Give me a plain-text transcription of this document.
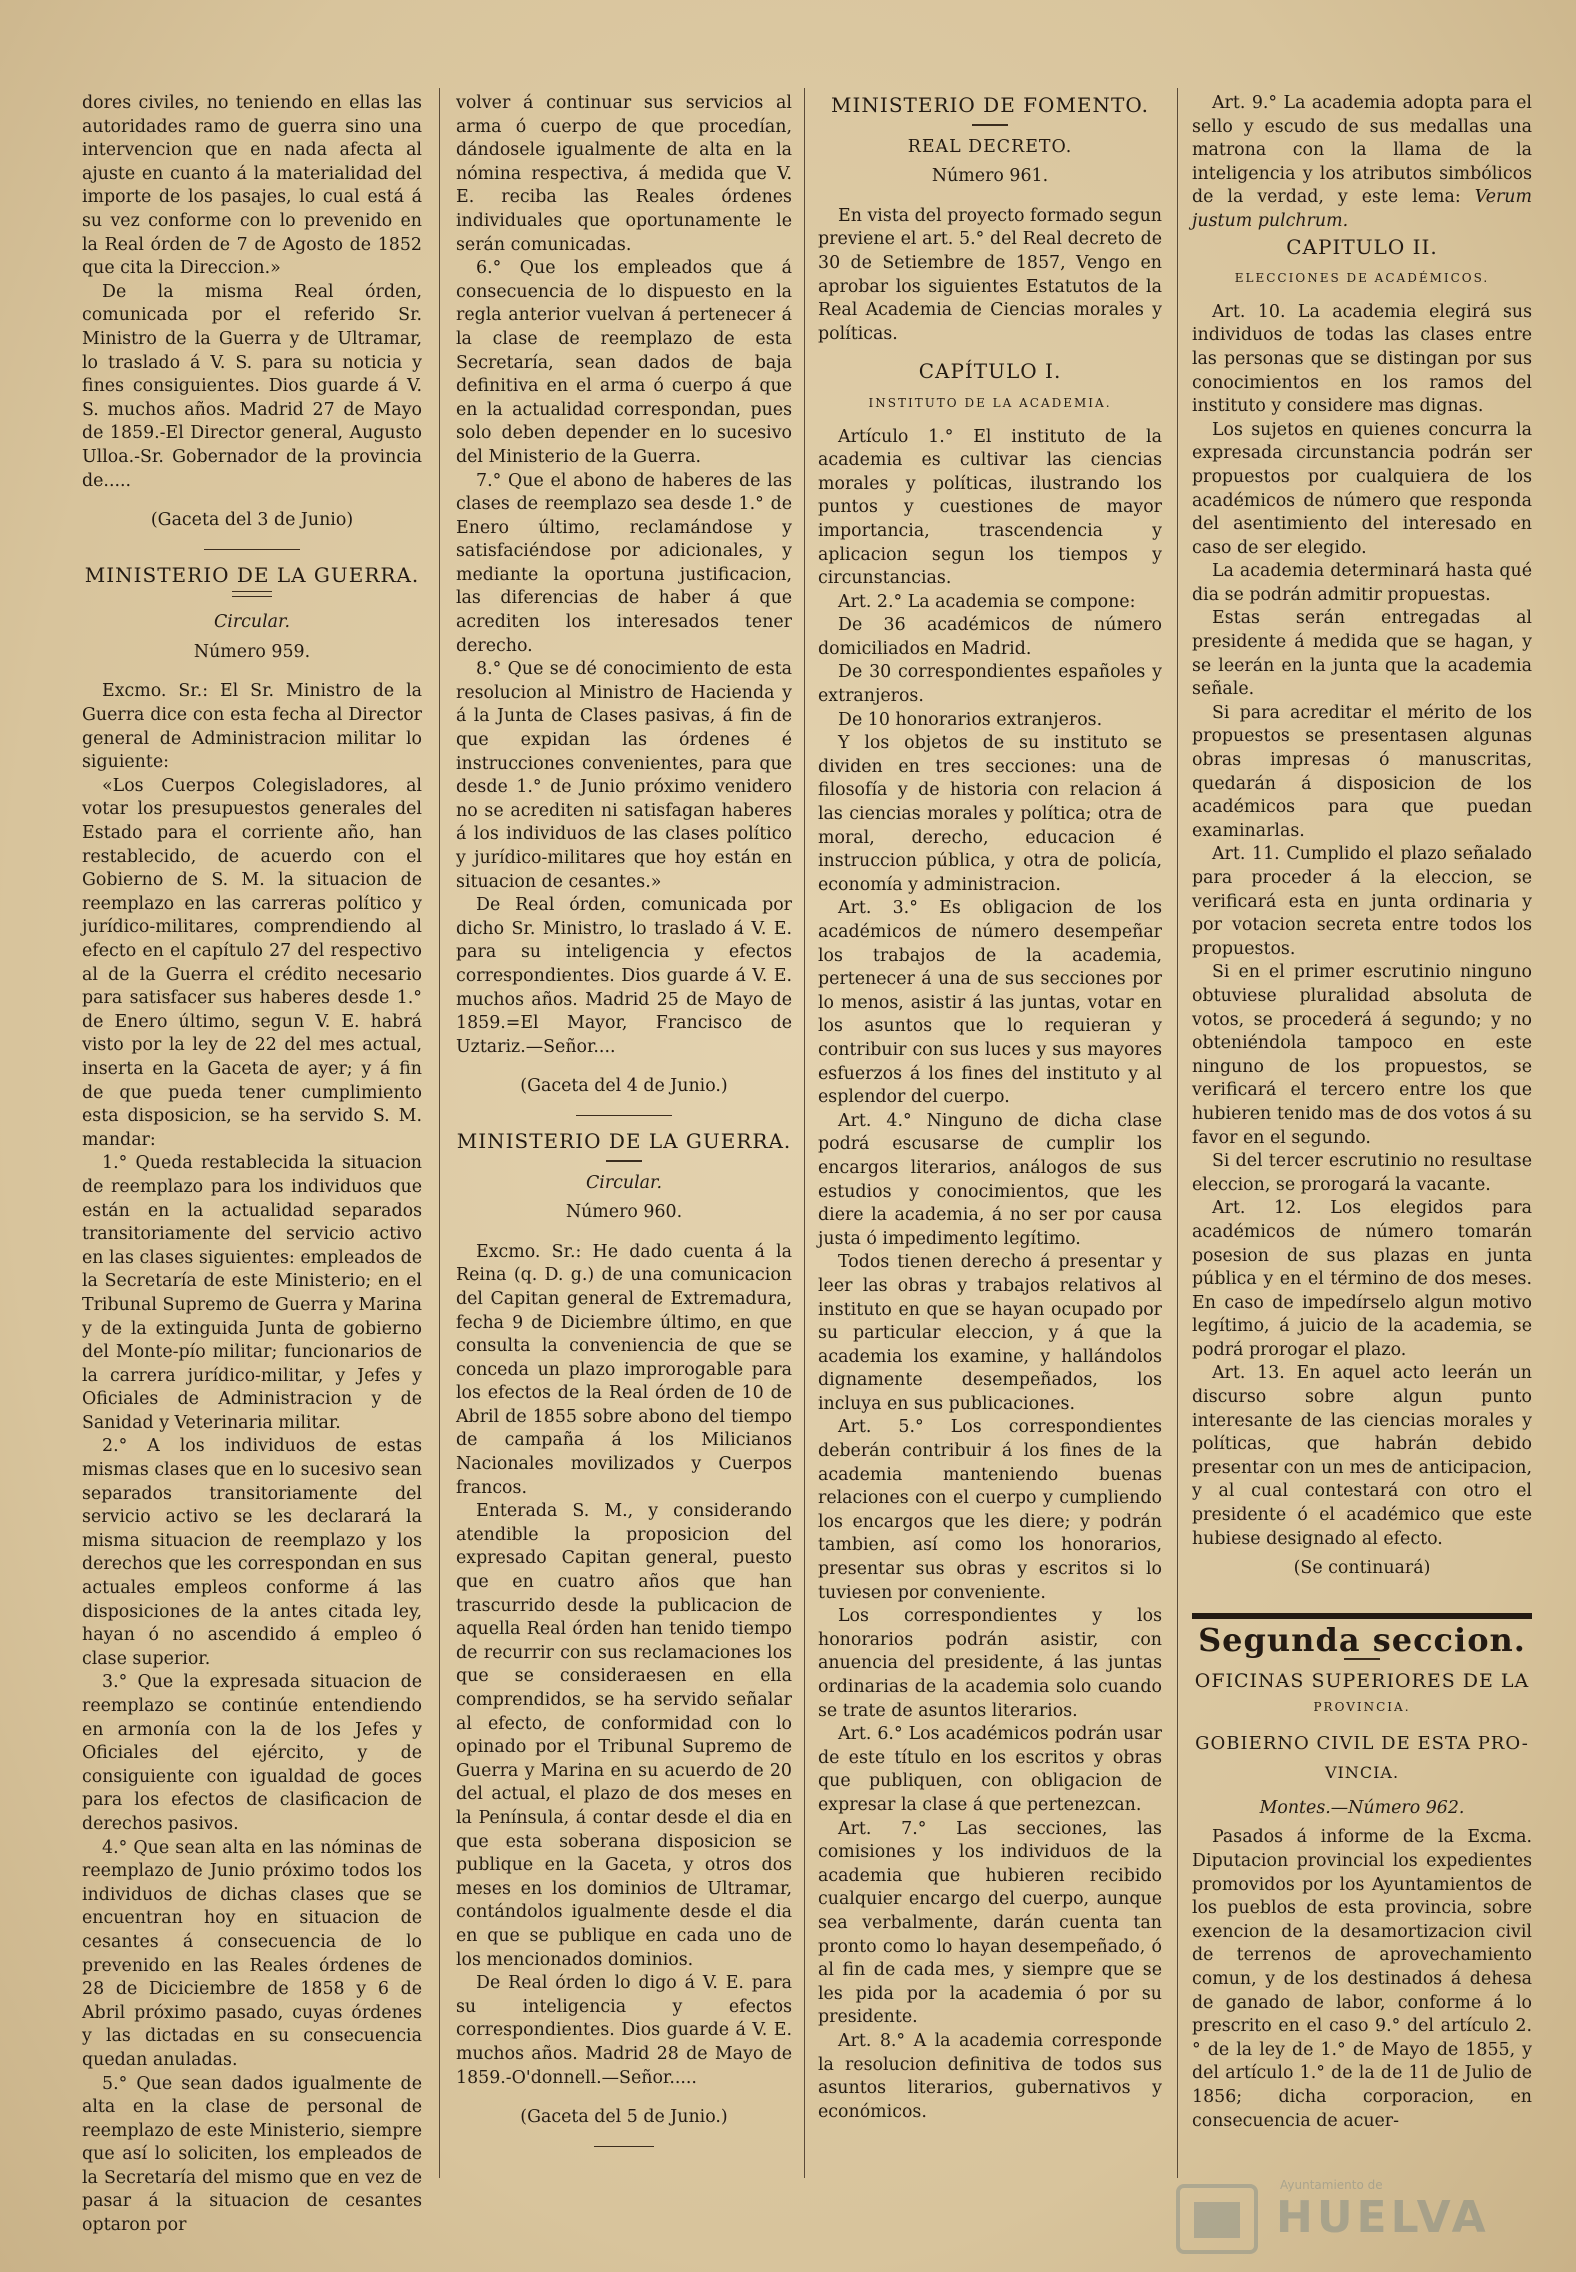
dores civiles, no teniendo en ellas las autoridades ramo de guerra sino una intervencion que en nada afecta al ajuste en cuanto á la materialidad del importe de los pasajes, lo cual está á su vez conforme con lo prevenido en la Real órden de 7 de Agosto de 1852 que cita la Direccion.»

De la misma Real órden, comunicada por el referido Sr. Ministro de la Guerra y de Ultramar, lo traslado á V. S. para su noticia y fines consiguientes. Dios guarde á V. S. muchos años. Madrid 27 de Mayo de 1859.-El Director general, Augusto Ulloa.-Sr. Gobernador de la provincia de.....

(Gaceta del 3 de Junio)

MINISTERIO DE LA GUERRA.

Circular.

Número 959.

Excmo. Sr.: El Sr. Ministro de la Guerra dice con esta fecha al Director general de Administracion militar lo siguiente:

«Los Cuerpos Colegisladores, al votar los presupuestos generales del Estado para el corriente año, han restablecido, de acuerdo con el Gobierno de S. M. la situacion de reemplazo en las carreras político y jurídico-militares, comprendiendo al efecto en el capítulo 27 del respectivo al de la Guerra el crédito necesario para satisfacer sus haberes desde 1.° de Enero último, segun V. E. habrá visto por la ley de 22 del mes actual, inserta en la Gaceta de ayer; y á fin de que pueda tener cumplimiento esta disposicion, se ha servido S. M. mandar:

1.° Queda restablecida la situacion de reemplazo para los individuos que están en la actualidad separados transitoriamente del servicio activo en las clases siguientes: empleados de la Secretaría de este Ministerio; en el Tribunal Supremo de Guerra y Marina y de la extinguida Junta de gobierno del Monte-pío militar; funcionarios de la carrera jurídico-militar, y Jefes y Oficiales de Administracion y de Sanidad y Veterinaria militar.

2.° A los individuos de estas mismas clases que en lo sucesivo sean separados transitoriamente del servicio activo se les declarará la misma situacion de reemplazo y los derechos que les correspondan en sus actuales empleos conforme á las disposiciones de la antes citada ley, hayan ó no ascendido á empleo ó clase superior.

3.° Que la expresada situacion de reemplazo se continúe entendiendo en armonía con la de los Jefes y Oficiales del ejército, y de consiguiente con igualdad de goces para los efectos de clasificacion de derechos pasivos.

4.° Que sean alta en las nóminas de reemplazo de Junio próximo todos los individuos de dichas clases que se encuentran hoy en situacion de cesantes á consecuencia de lo prevenido en las Reales órdenes de 28 de Diciciembre de 1858 y 6 de Abril próximo pasado, cuyas órdenes y las dictadas en su consecuencia quedan anuladas.

5.° Que sean dados igualmente de alta en la clase de personal de reemplazo de este Ministerio, siempre que así lo soliciten, los empleados de la Secretaría del mismo que en vez de pasar á la situacion de cesantes optaron por

volver á continuar sus servicios al arma ó cuerpo de que procedían, dándosele igualmente de alta en la nómina respectiva, á medida que V. E. reciba las Reales órdenes individuales que oportunamente le serán comunicadas.

6.° Que los empleados que á consecuencia de lo dispuesto en la regla anterior vuelvan á pertenecer á la clase de reemplazo de esta Secretaría, sean dados de baja definitiva en el arma ó cuerpo á que en la actualidad correspondan, pues solo deben depender en lo sucesivo del Ministerio de la Guerra.

7.° Que el abono de haberes de las clases de reemplazo sea desde 1.° de Enero último, reclamándose y satisfaciéndose por adicionales, y mediante la oportuna justificacion, las diferencias de haber á que acrediten los interesados tener derecho.

8.° Que se dé conocimiento de esta resolucion al Ministro de Hacienda y á la Junta de Clases pasivas, á fin de que expidan las órdenes é instrucciones convenientes, para que desde 1.° de Junio próximo venidero no se acrediten ni satisfagan haberes á los individuos de las clases político y jurídico-militares que hoy están en situacion de cesantes.»

De Real órden, comunicada por dicho Sr. Ministro, lo traslado á V. E. para su inteligencia y efectos correspondientes. Dios guarde á V. E. muchos años. Madrid 25 de Mayo de 1859.=El Mayor, Francisco de Uztariz.—Señor....

(Gaceta del 4 de Junio.)

MINISTERIO DE LA GUERRA.

Circular.

Número 960.

Excmo. Sr.: He dado cuenta á la Reina (q. D. g.) de una comunicacion del Capitan general de Extremadura, fecha 9 de Diciembre último, en que consulta la conveniencia de que se conceda un plazo improrogable para los efectos de la Real órden de 10 de Abril de 1855 sobre abono del tiempo de campaña á los Milicianos Nacionales movilizados y Cuerpos francos.

Enterada S. M., y considerando atendible la proposicion del expresado Capitan general, puesto que en cuatro años que han trascurrido desde la publicacion de aquella Real órden han tenido tiempo de recurrir con sus reclamaciones los que se consideraesen en ella comprendidos, se ha servido señalar al efecto, de conformidad con lo opinado por el Tribunal Supremo de Guerra y Marina en su acuerdo de 20 del actual, el plazo de dos meses en la Península, á contar desde el dia en que esta soberana disposicion se publique en la Gaceta, y otros dos meses en los dominios de Ultramar, contándolos igualmente desde el dia en que se publique en cada uno de los mencionados dominios.

De Real órden lo digo á V. E. para su inteligencia y efectos correspondientes. Dios guarde á V. E. muchos años. Madrid 28 de Mayo de 1859.-O'donnell.—Señor.....

(Gaceta del 5 de Junio.)

MINISTERIO DE FOMENTO.

REAL DECRETO.

Número 961.

En vista del proyecto formado segun previene el art. 5.° del Real decreto de 30 de Setiembre de 1857, Vengo en aprobar los siguientes Estatutos de la Real Academia de Ciencias morales y políticas.

CAPÍTULO I.

INSTITUTO DE LA ACADEMIA.

Artículo 1.° El instituto de la academia es cultivar las ciencias morales y políticas, ilustrando los puntos y cuestiones de mayor importancia, trascendencia y aplicacion segun los tiempos y circunstancias.

Art. 2.° La academia se compone:

De 36 académicos de número domiciliados en Madrid.

De 30 correspondientes españoles y extranjeros.

De 10 honorarios extranjeros.

Y los objetos de su instituto se dividen en tres secciones: una de filosofía y de historia con relacion á las ciencias morales y política; otra de moral, derecho, educacion é instruccion pública, y otra de policía, economía y administracion.

Art. 3.° Es obligacion de los académicos de número desempeñar los trabajos de la academia, pertenecer á una de sus secciones por lo menos, asistir á las juntas, votar en los asuntos que lo requieran y contribuir con sus luces y sus mayores esfuerzos á los fines del instituto y al esplendor del cuerpo.

Art. 4.° Ninguno de dicha clase podrá escusarse de cumplir los encargos literarios, análogos de sus estudios y conocimientos, que les diere la academia, á no ser por causa justa ó impedimento legítimo.

Todos tienen derecho á presentar y leer las obras y trabajos relativos al instituto en que se hayan ocupado por su particular eleccion, y á que la academia los examine, y hallándolos dignamente desempeñados, los incluya en sus publicaciones.

Art. 5.° Los correspondientes deberán contribuir á los fines de la academia manteniendo buenas relaciones con el cuerpo y cumpliendo los encargos que les diere; y podrán tambien, así como los honorarios, presentar sus obras y escritos si lo tuviesen por conveniente.

Los correspondientes y los honorarios podrán asistir, con anuencia del presidente, á las juntas ordinarias de la academia solo cuando se trate de asuntos literarios.

Art. 6.° Los académicos podrán usar de este título en los escritos y obras que publiquen, con obligacion de expresar la clase á que pertenezcan.

Art. 7.° Las secciones, las comisiones y los individuos de la academia que hubieren recibido cualquier encargo del cuerpo, aunque sea verbalmente, darán cuenta tan pronto como lo hayan desempeñado, ó al fin de cada mes, y siempre que se les pida por la academia ó por su presidente.

Art. 8.° A la academia corresponde la resolucion definitiva de todos sus asuntos literarios, gubernativos y económicos.

Art. 9.° La academia adopta para el sello y escudo de sus medallas una matrona con la llama de la inteligencia y los atributos simbólicos de la verdad, y este lema: Verum justum pulchrum.

CAPITULO II.

ELECCIONES DE ACADÉMICOS.

Art. 10. La academia elegirá sus individuos de todas las clases entre las personas que se distingan por sus conocimientos en los ramos del instituto y considere mas dignas.

Los sujetos en quienes concurra la expresada circunstancia podrán ser propuestos por cualquiera de los académicos de número que responda del asentimiento del interesado en caso de ser elegido.

La academia determinará hasta qué dia se podrán admitir propuestas.

Estas serán entregadas al presidente á medida que se hagan, y se leerán en la junta que la academia señale.

Si para acreditar el mérito de los propuestos se presentasen algunas obras impresas ó manuscritas, quedarán á disposicion de los académicos para que puedan examinarlas.

Art. 11. Cumplido el plazo señalado para proceder á la eleccion, se verificará esta en junta ordinaria y por votacion secreta entre todos los propuestos.

Si en el primer escrutinio ninguno obtuviese pluralidad absoluta de votos, se procederá á segundo; y no obteniéndola tampoco en este ninguno de los propuestos, se verificará el tercero entre los que hubieren tenido mas de dos votos á su favor en el segundo.

Si del tercer escrutinio no resultase eleccion, se prorogará la vacante.

Art. 12. Los elegidos para académicos de número tomarán posesion de sus plazas en junta pública y en el término de dos meses. En caso de impedírselo algun motivo legítimo, á juicio de la academia, se podrá prorogar el plazo.

Art. 13. En aquel acto leerán un discurso sobre algun punto interesante de las ciencias morales y políticas, que habrán debido presentar con un mes de anticipacion, y al cual contestará con otro el presidente ó el académico que este hubiese designado al efecto.

(Se continuará)

Segunda seccion.

OFICINAS SUPERIORES DE LA

PROVINCIA.

GOBIERNO CIVIL DE ESTA PRO-

VINCIA.

Montes.—Número 962.

Pasados á informe de la Excma. Diputacion provincial los expedientes promovidos por los Ayuntamientos de los pueblos de esta provincia, sobre exencion de la desamortizacion civil de terrenos de aprovechamiento comun, y de los destinados á dehesa de ganado de labor, conforme á lo prescrito en el caso 9.° del artículo 2.° de la ley de 1.° de Mayo de 1855, y del artículo 1.° de la de 11 de Julio de 1856; dicha corporacion, en consecuencia de acuer-

Ayuntamiento de
HUELVA
